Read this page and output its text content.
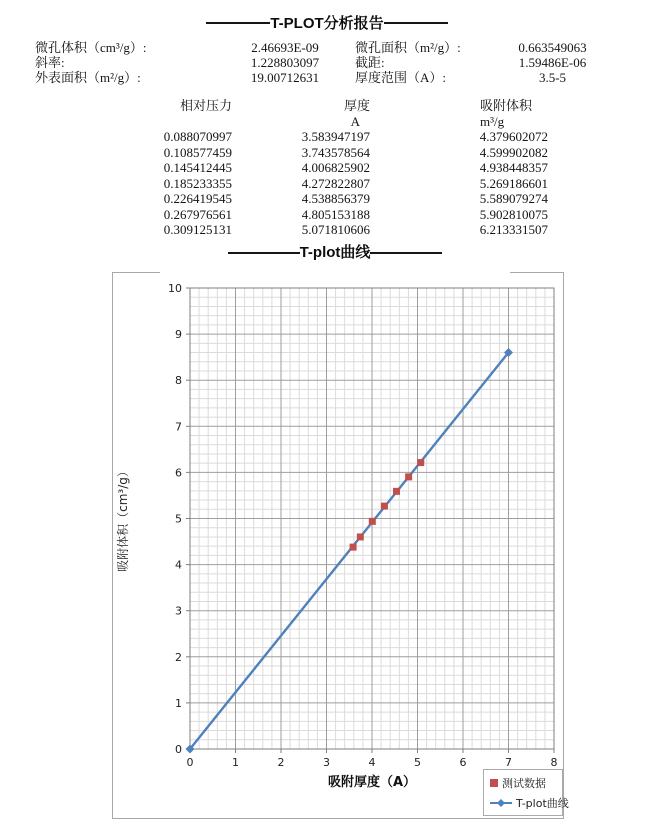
T-PLOT分析报告
微孔体积（cm³/g）:	2.46693E-09	微孔面积（m²/g）:	0.663549063
斜率:	1.228803097	截距:	1.59486E-06
外表面积（m²/g）:	19.00712631	厚度范围（A）:	3.5-5
相对压力	厚度	吸附体积
	A	m³/g
0.088070997	3.583947197	4.379602072
0.108577459	3.743578564	4.599902082
0.145412445	4.006825902	4.938448357
0.185233355	4.272822807	5.269186601
0.226419545	4.538856379	5.589079274
0.267976561	4.805153188	5.902810075
0.309125131	5.071810606	6.213331507
T-plot曲线
0	1	2	3	4	5	6	7	8
0
1
2
3
4
5
6
7
8
9
10
吸附厚度（A）
吸附体积（cm³/g）
测试数据
T-plot曲线
